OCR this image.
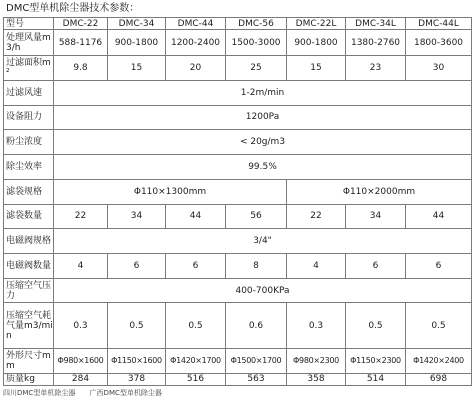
DMC型单机除尘器技术参数：
型号	DMC-22	DMC-34	DMC-44	DMC-56	DMC-22L	DMC-34L	DMC-44L
处理风量m3/h	588-1176	900-1800	1200-2400	1500-3000	900-1800	1380-2760	1800-3600
过滤面积m²	9.8	15	20	25	15	23	30
过滤风速	1-2m/min						
设备阻力	1200Pa						
粉尘浓度	< 20g/m3						
除尘效率	99.5%						
滤袋规格	Φ110×1300mm				Φ110×2000mm		
滤袋数量	22	34	44	56	22	34	44
电磁阀规格	3/4"						
电磁阀数量	4	6	6	8	4	6	6
压缩空气压力	400-700KPa						
压缩空气耗气量m3/min	0.3	0.5	0.5	0.6	0.3	0.5	0.5
外形尺寸mm	Φ980×1600	Φ1150×1600	Φ1420×1700	Φ1500×1700	Φ980×2300	Φ1150×2300	Φ1420×2400
质量kg	284	378	516	563	358	514	698
四川DMC型单机除尘器 广西DMC型单机除尘器
